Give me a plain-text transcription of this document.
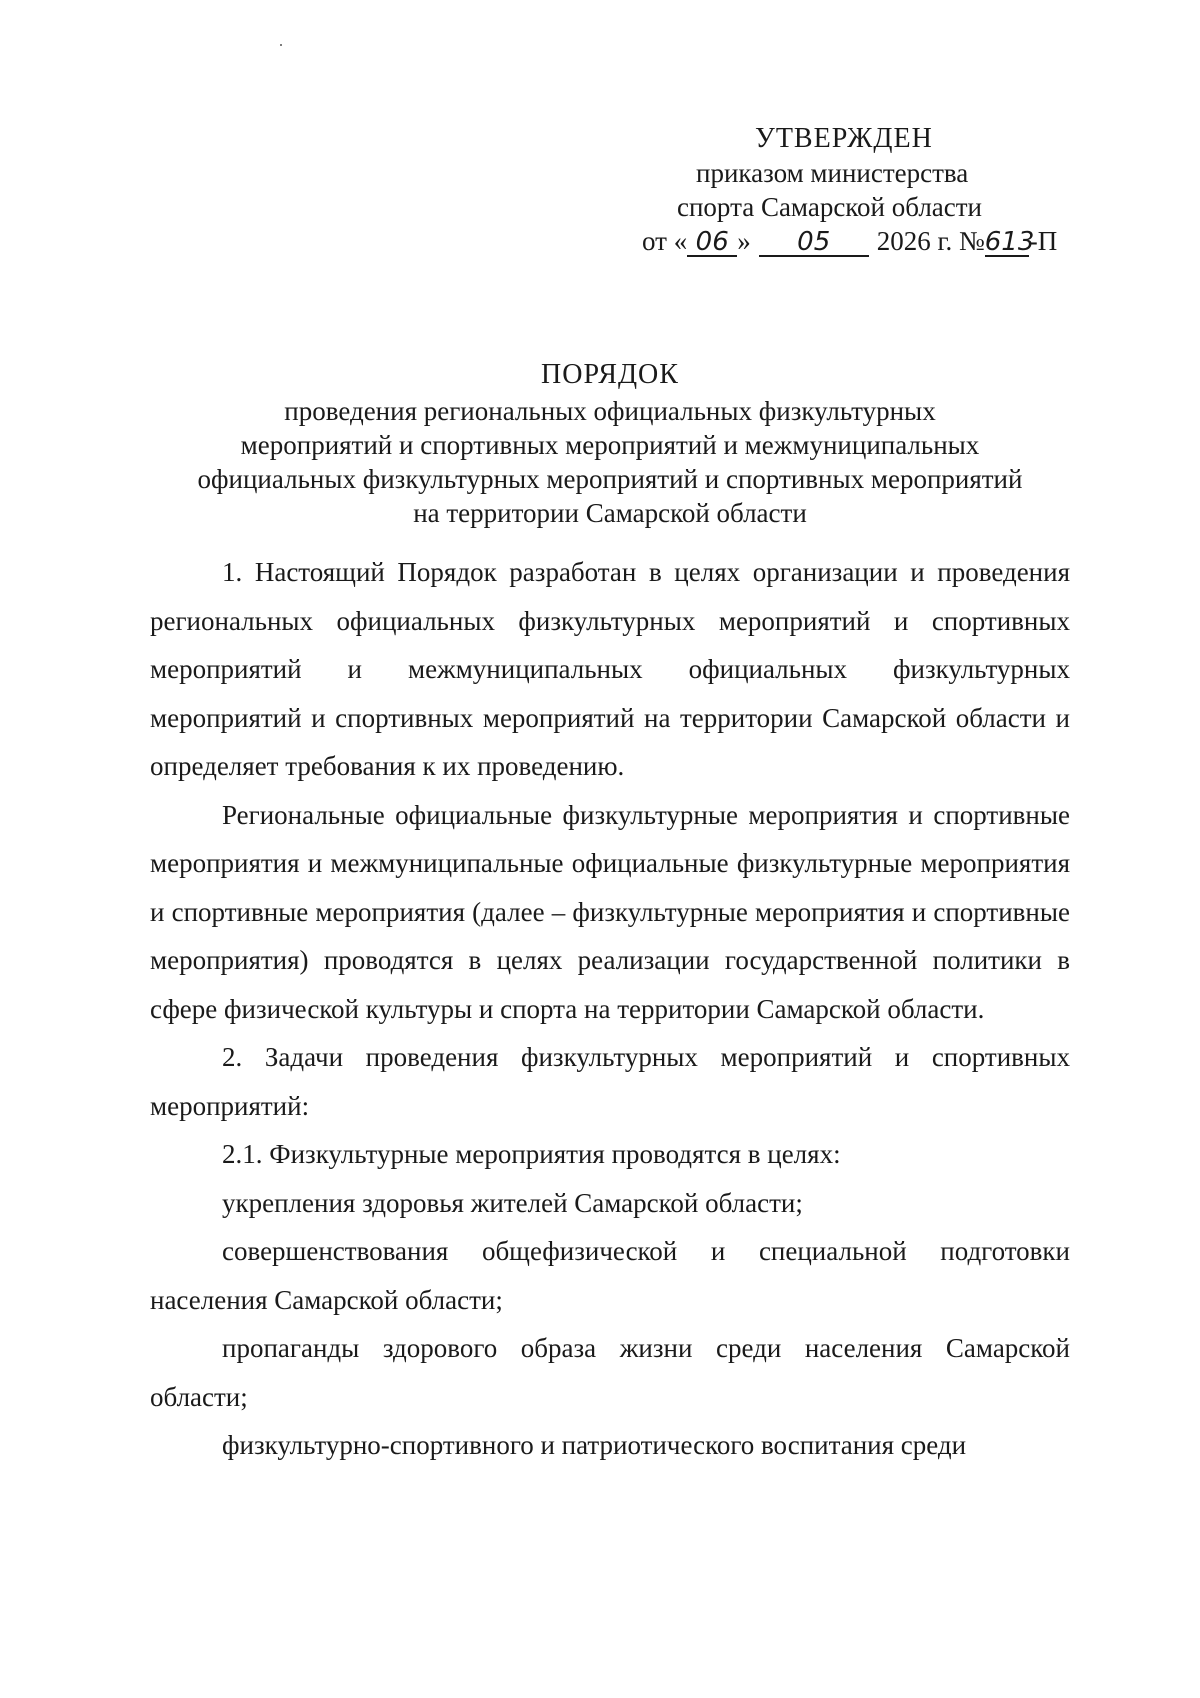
УТВЕРЖДЕН
приказом министерства
спорта Самарской области
от « 06 » 05 2026 г. №613-П
ПОРЯДОК
проведения региональных официальных физкультурных
мероприятий и спортивных мероприятий и межмуниципальных
официальных физкультурных мероприятий и спортивных мероприятий
на территории Самарской области

1. Настоящий Порядок разработан в целях организации и проведения региональных официальных физкультурных мероприятий и спортивных мероприятий и межмуниципальных официальных физкультурных мероприятий и спортивных мероприятий на территории Самарской области и определяет требования к их проведению.

Региональные официальные физкультурные мероприятия и спортивные мероприятия и межмуниципальные официальные физкультурные мероприятия и спортивные мероприятия (далее – физкультурные мероприятия и спортивные мероприятия) проводятся в целях реализации государственной политики в сфере физической культуры и спорта на территории Самарской области.

2. Задачи проведения физкультурных мероприятий и спортивных мероприятий:

2.1. Физкультурные мероприятия проводятся в целях:

укрепления здоровья жителей Самарской области;

совершенствования общефизической и специальной подготовки населения Самарской области;

пропаганды здорового образа жизни среди населения Самарской области;

физкультурно-спортивного и патриотического воспитания среди
